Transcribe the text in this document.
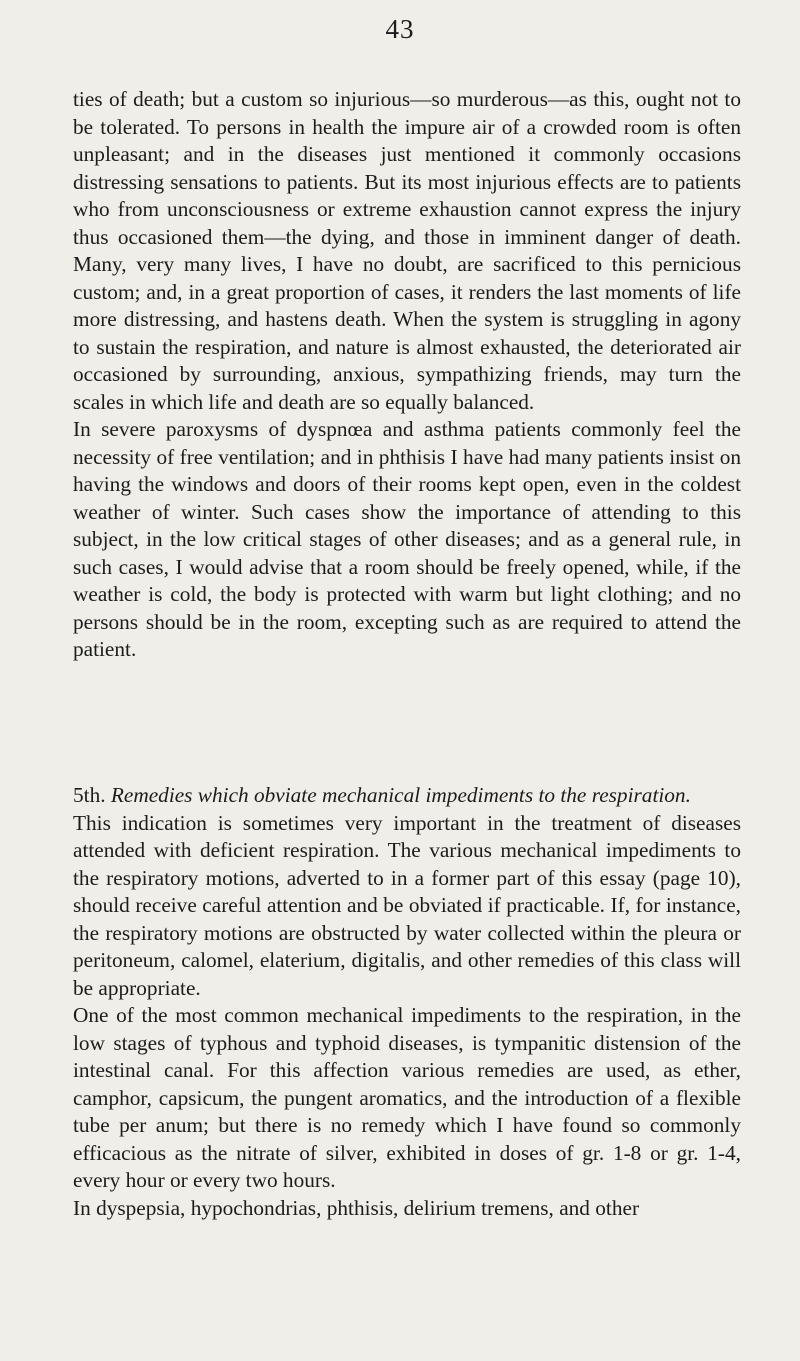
43

ties of death; but a custom so injurious—so murderous—as this, ought not to be tolerated. To persons in health the impure air of a crowded room is often unpleasant; and in the diseases just mentioned it commonly occasions distressing sensations to patients. But its most injurious effects are to patients who from unconsciousness or extreme exhaustion cannot express the injury thus occasioned them—the dying, and those in imminent danger of death. Many, very many lives, I have no doubt, are sacrificed to this pernicious custom; and, in a great proportion of cases, it renders the last moments of life more distressing, and hastens death. When the system is struggling in agony to sustain the respiration, and nature is almost exhausted, the deteriorated air occasioned by surrounding, anxious, sympathizing friends, may turn the scales in which life and death are so equally balanced.

In severe paroxysms of dyspnœa and asthma patients commonly feel the necessity of free ventilation; and in phthisis I have had many patients insist on having the windows and doors of their rooms kept open, even in the coldest weather of winter. Such cases show the importance of attending to this subject, in the low critical stages of other diseases; and as a general rule, in such cases, I would advise that a room should be freely opened, while, if the weather is cold, the body is protected with warm but light clothing; and no persons should be in the room, excepting such as are required to attend the patient.

5th. Remedies which obviate mechanical impediments to the respiration.

This indication is sometimes very important in the treatment of diseases attended with deficient respiration. The various mechanical impediments to the respiratory motions, adverted to in a former part of this essay (page 10), should receive careful attention and be obviated if practicable. If, for instance, the respiratory motions are obstructed by water collected within the pleura or peritoneum, calomel, elaterium, digitalis, and other remedies of this class will be appropriate.

One of the most common mechanical impediments to the respiration, in the low stages of typhous and typhoid diseases, is tympanitic distension of the intestinal canal. For this affection various remedies are used, as ether, camphor, capsicum, the pungent aromatics, and the introduction of a flexible tube per anum; but there is no remedy which I have found so commonly efficacious as the nitrate of silver, exhibited in doses of gr. 1-8 or gr. 1-4, every hour or every two hours.

In dyspepsia, hypochondrias, phthisis, delirium tremens, and other
